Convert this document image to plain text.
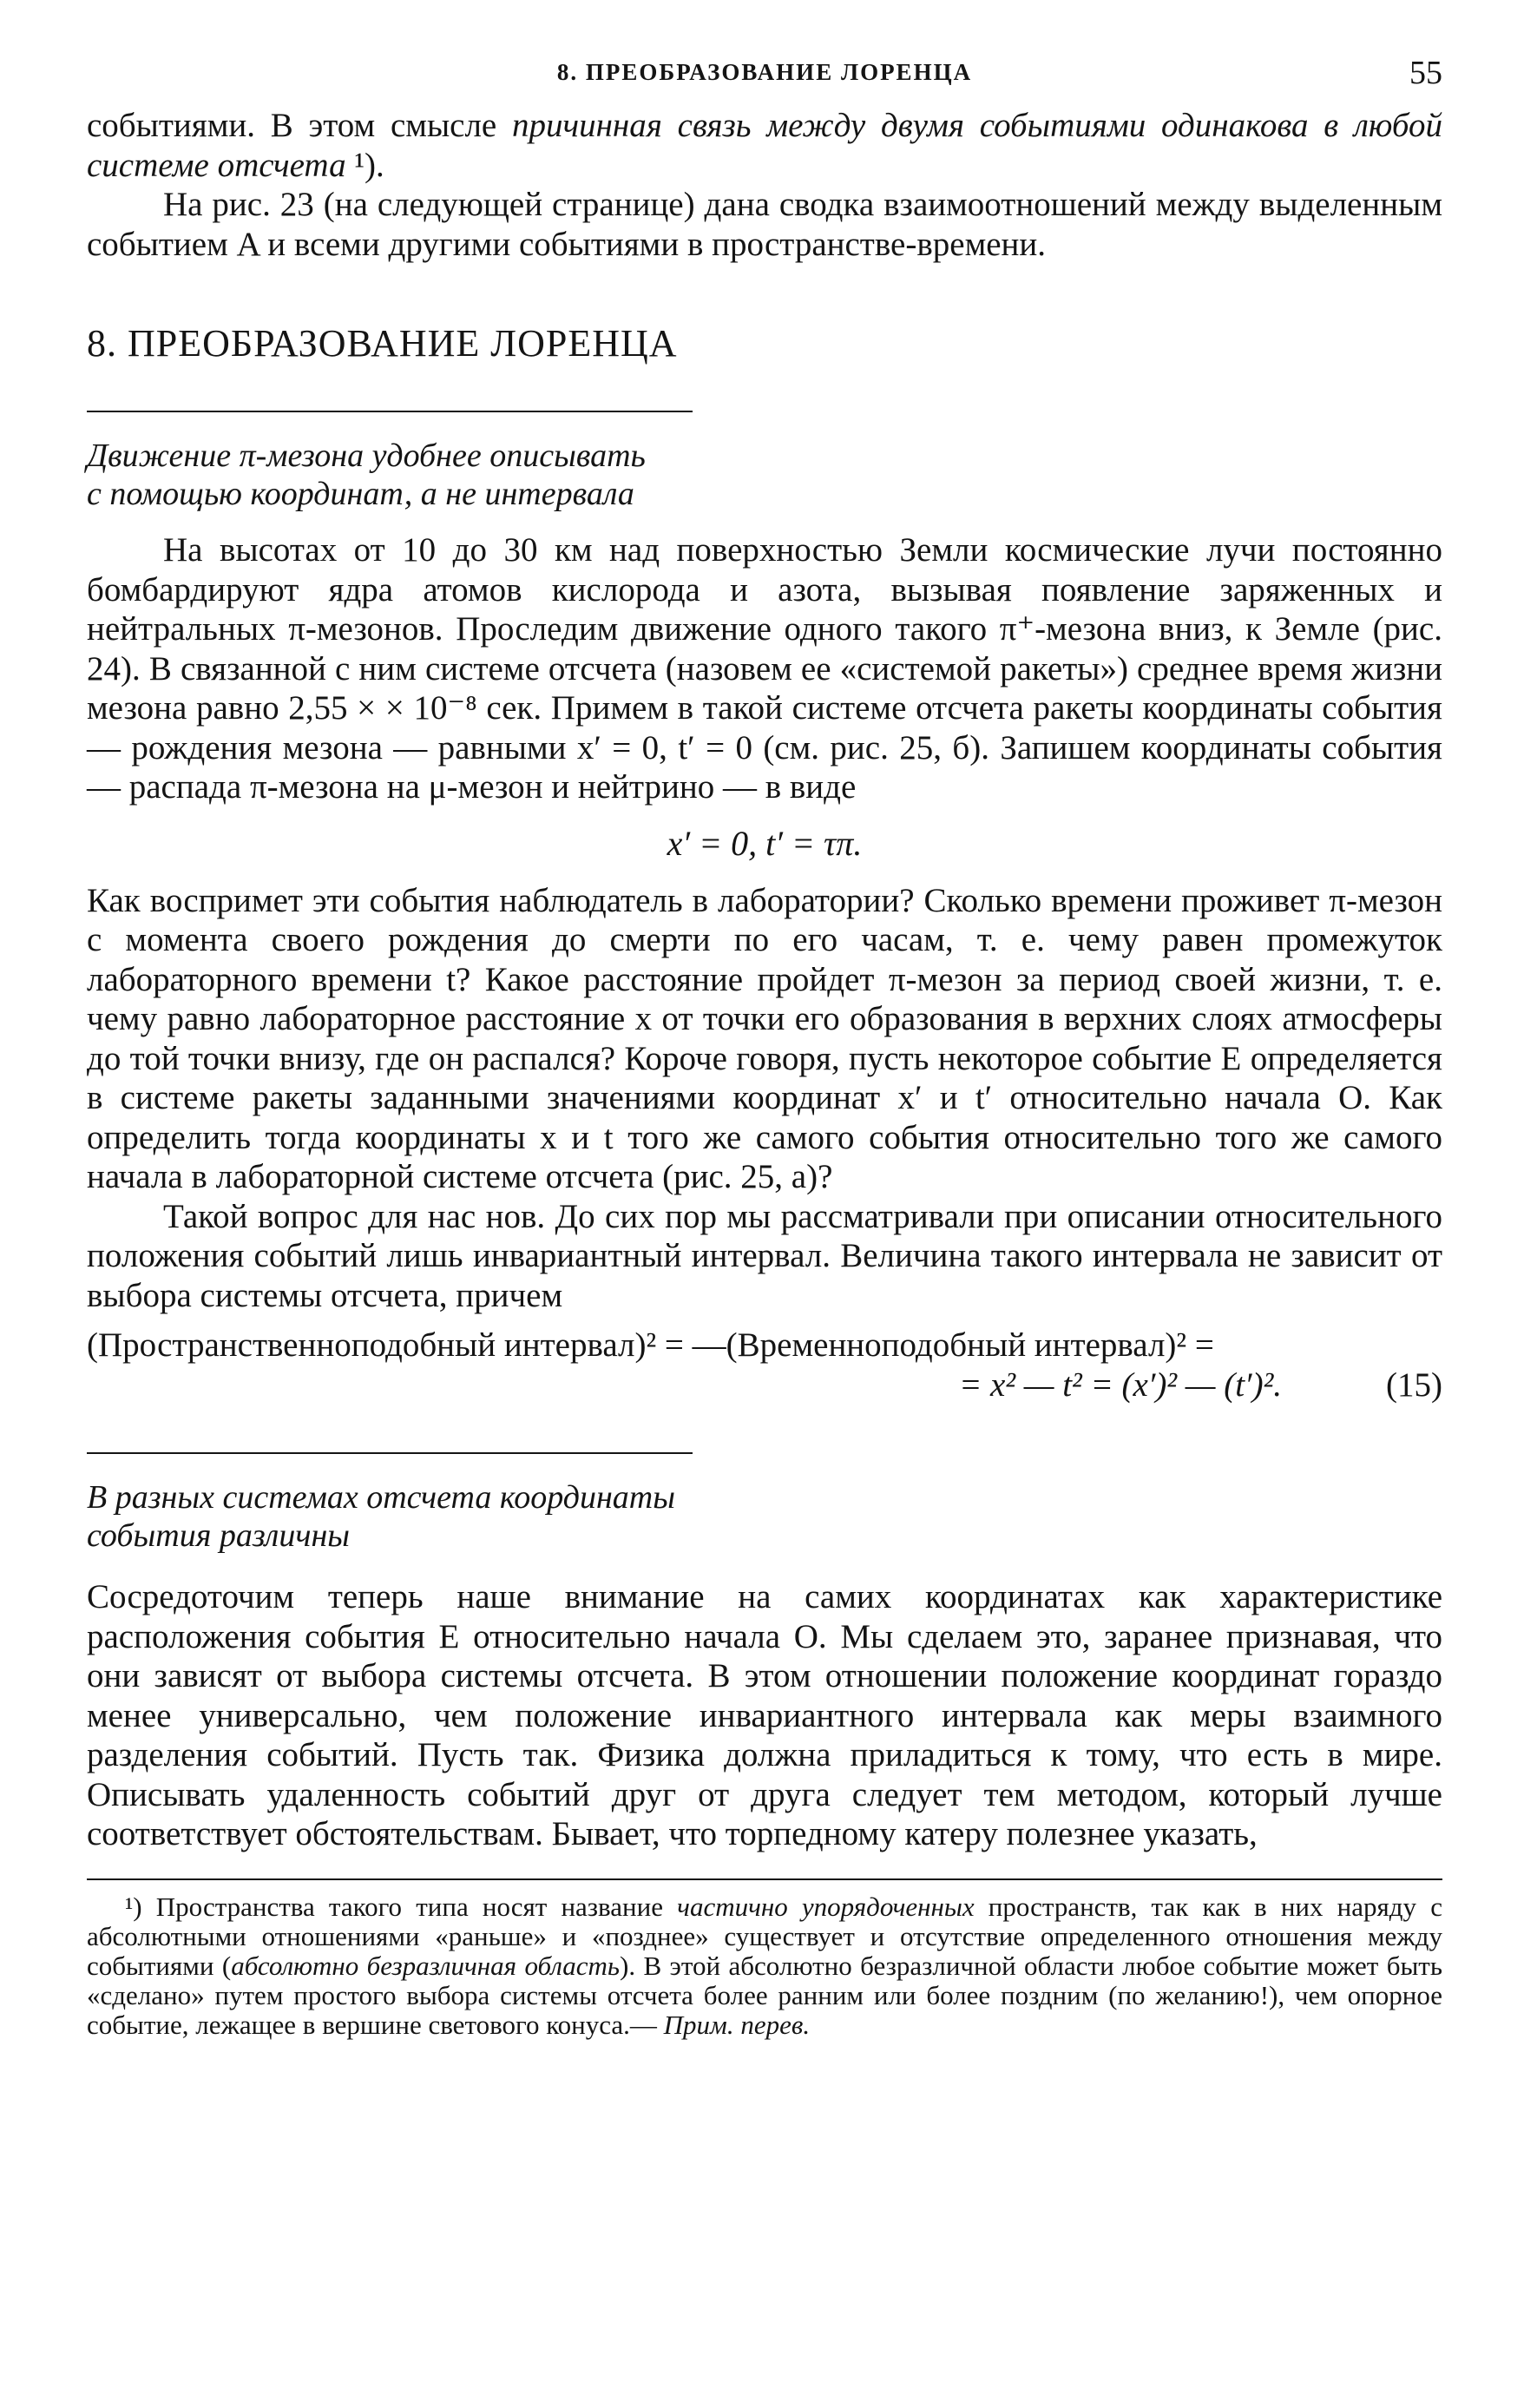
8. ПРЕОБРАЗОВАНИЕ ЛОРЕНЦА	55

событиями. В этом смысле причинная связь между двумя событиями одинакова в любой системе отсчета ¹).

На рис. 23 (на следующей странице) дана сводка взаимоотношений между выделенным событием A и всеми другими событиями в пространстве-времени.

8. ПРЕОБРАЗОВАНИЕ ЛОРЕНЦА
Движение π-мезона удобнее описывать
с помощью координат, а не интервала

На высотах от 10 до 30 км над поверхностью Земли космические лучи постоянно бомбардируют ядра атомов кислорода и азота, вызывая появление заряженных и нейтральных π-мезонов. Проследим движение одного такого π⁺-мезона вниз, к Земле (рис. 24). В связанной с ним системе отсчета (назовем ее «системой ракеты») среднее время жизни мезона равно 2,55 × × 10⁻⁸ сек. Примем в такой системе отсчета ракеты координаты события — рождения мезона — равными x′ = 0, t′ = 0 (см. рис. 25, б). Запишем координаты события — распада π-мезона на μ-мезон и нейтрино — в виде

x′ = 0, t′ = τπ.

Как воспримет эти события наблюдатель в лаборатории? Сколько времени проживет π-мезон с момента своего рождения до смерти по его часам, т. е. чему равен промежуток лабораторного времени t? Какое расстояние пройдет π-мезон за период своей жизни, т. е. чему равно лабораторное расстояние x от точки его образования в верхних слоях атмосферы до той точки внизу, где он распался? Короче говоря, пусть некоторое событие E определяется в системе ракеты заданными значениями координат x′ и t′ относительно начала O. Как определить тогда координаты x и t того же самого события относительно того же самого начала в лабораторной системе отсчета (рис. 25, а)?

Такой вопрос для нас нов. До сих пор мы рассматривали при описании относительного положения событий лишь инвариантный интервал. Величина такого интервала не зависит от выбора системы отсчета, причем

(Пространственноподобный интервал)² = —(Временноподобный интервал)² =
= x² — t² = (x′)² — (t′)².	(15)
В разных системах отсчета координаты
события различны

Сосредоточим теперь наше внимание на самих координатах как характеристике расположения события E относительно начала O. Мы сделаем это, заранее признавая, что они зависят от выбора системы отсчета. В этом отношении положение координат гораздо менее универсально, чем положение инвариантного интервала как меры взаимного разделения событий. Пусть так. Физика должна приладиться к тому, что есть в мире. Описывать удаленность событий друг от друга следует тем методом, который лучше соответствует обстоятельствам. Бывает, что торпедному катеру полезнее указать,

¹) Пространства такого типа носят название частично упорядоченных пространств, так как в них наряду с абсолютными отношениями «раньше» и «позднее» существует и отсутствие определенного отношения между событиями (абсолютно безразличная область). В этой абсолютно безразличной области любое событие может быть «сделано» путем простого выбора системы отсчета более ранним или более поздним (по желанию!), чем опорное событие, лежащее в вершине светового конуса.— Прим. перев.
